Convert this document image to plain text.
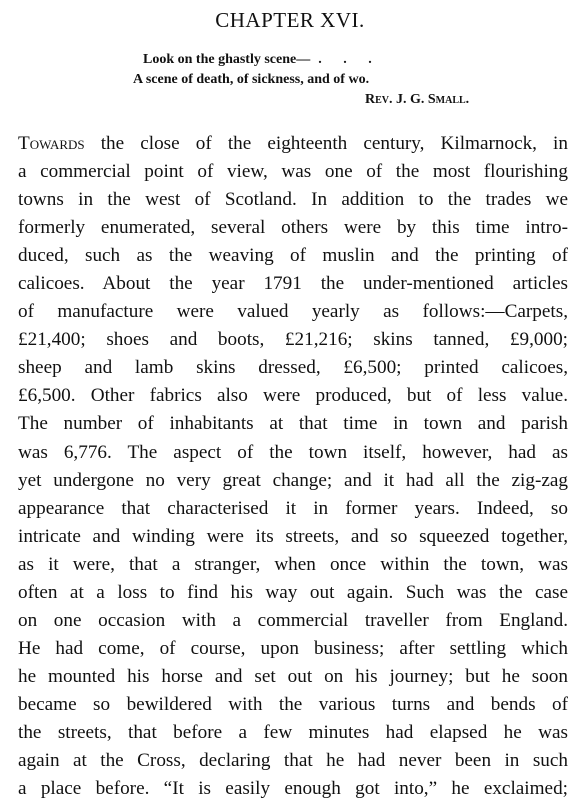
CHAPTER XVI.
Look on the ghastly scene— . . .
A scene of death, of sickness, and of wo.
Rev. J. G. Small.
Towards the close of the eighteenth century, Kilmarnock, in
a commercial point of view, was one of the most flourishing
towns in the west of Scotland. In addition to the trades we
formerly enumerated, several others were by this time intro-
duced, such as the weaving of muslin and the printing of
calicoes. About the year 1791 the under-mentioned articles
of manufacture were valued yearly as follows:—Carpets,
£21,400; shoes and boots, £21,216; skins tanned, £9,000;
sheep and lamb skins dressed, £6,500; printed calicoes,
£6,500. Other fabrics also were produced, but of less value.
The number of inhabitants at that time in town and parish
was 6,776. The aspect of the town itself, however, had as
yet undergone no very great change; and it had all the zig-zag
appearance that characterised it in former years. Indeed, so
intricate and winding were its streets, and so squeezed together,
as it were, that a stranger, when once within the town, was
often at a loss to find his way out again. Such was the case
on one occasion with a commercial traveller from England.
He had come, of course, upon business; after settling which
he mounted his horse and set out on his journey; but he soon
became so bewildered with the various turns and bends of
the streets, that before a few minutes had elapsed he was
again at the Cross, declaring that he had never been in such
a place before. “It is easily enough got into,” he exclaimed;
